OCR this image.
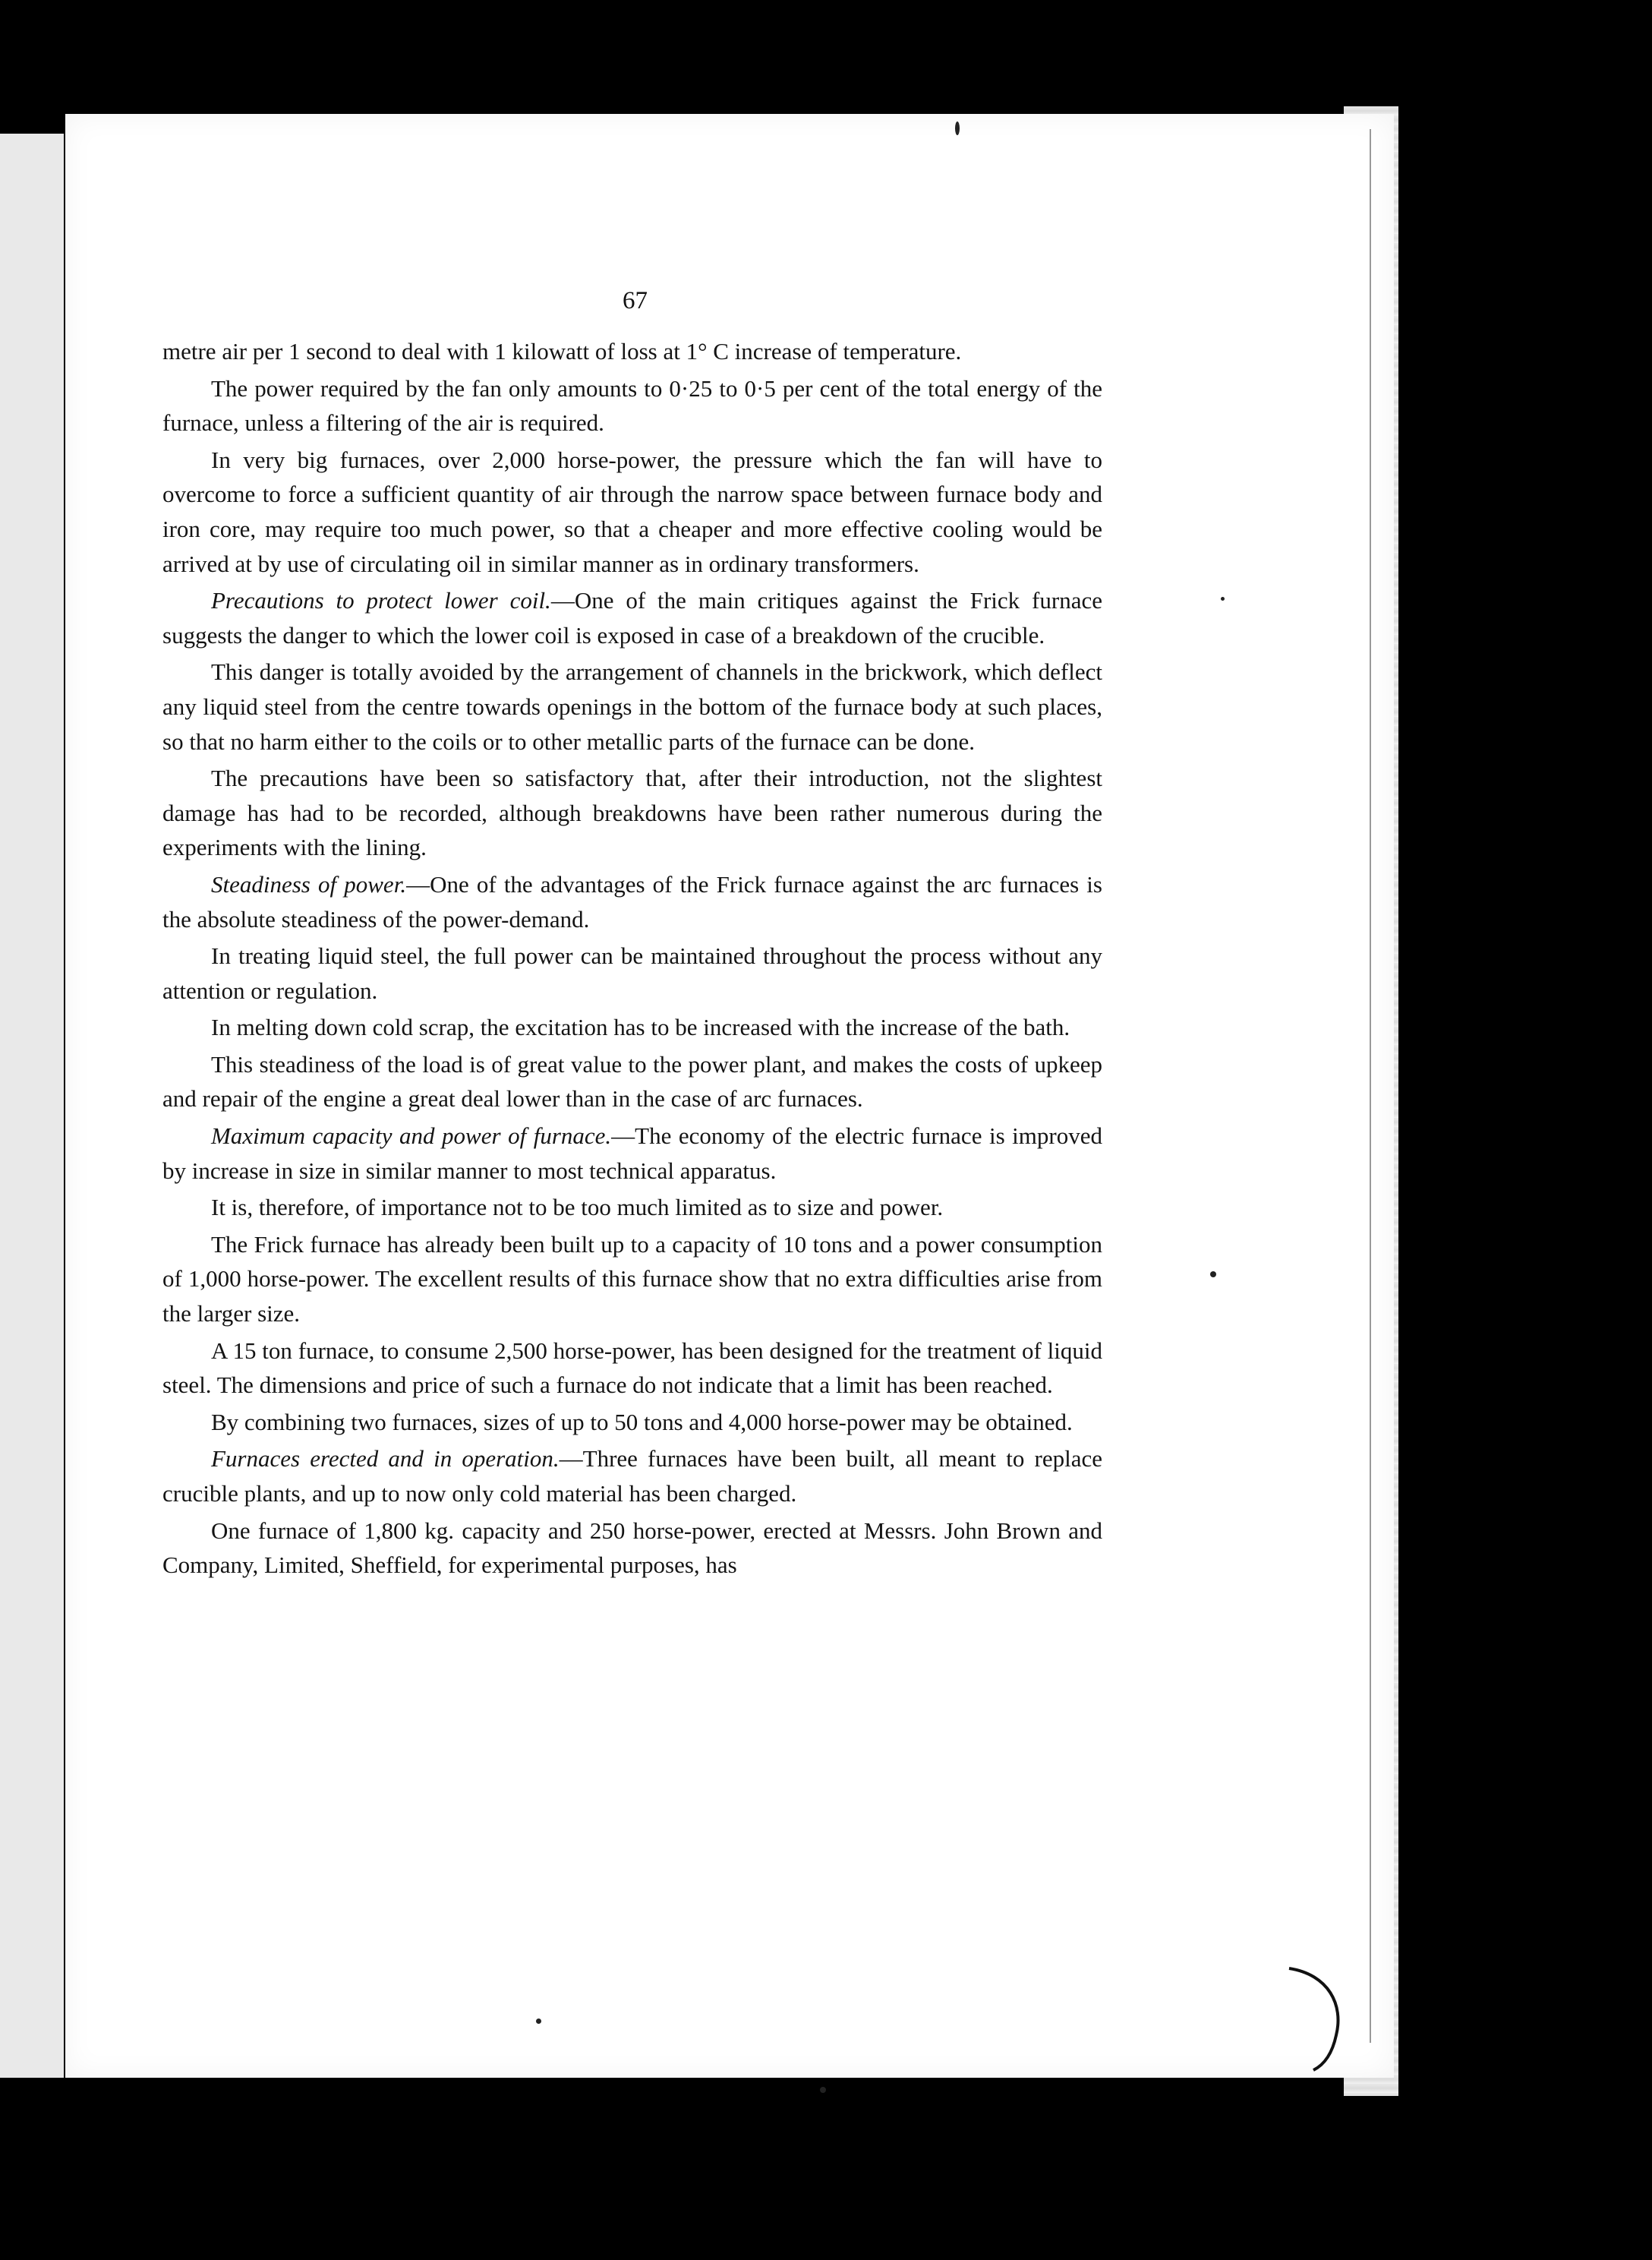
67

metre air per 1 second to deal with 1 kilowatt of loss at 1° C increase of temperature.

The power required by the fan only amounts to 0·25 to 0·5 per cent of the total energy of the furnace, unless a filtering of the air is required.

In very big furnaces, over 2,000 horse-power, the pressure which the fan will have to overcome to force a sufficient quantity of air through the narrow space between furnace body and iron core, may require too much power, so that a cheaper and more effective cooling would be arrived at by use of circulating oil in similar manner as in ordinary transformers.

Precautions to protect lower coil.—One of the main critiques against the Frick furnace suggests the danger to which the lower coil is exposed in case of a breakdown of the crucible.

This danger is totally avoided by the arrangement of channels in the brickwork, which deflect any liquid steel from the centre towards openings in the bottom of the furnace body at such places, so that no harm either to the coils or to other metallic parts of the furnace can be done.

The precautions have been so satisfactory that, after their introduction, not the slightest damage has had to be recorded, although breakdowns have been rather numerous during the experiments with the lining.

Steadiness of power.—One of the advantages of the Frick furnace against the arc furnaces is the absolute steadiness of the power-demand.

In treating liquid steel, the full power can be maintained throughout the process without any attention or regulation.

In melting down cold scrap, the excitation has to be increased with the increase of the bath.

This steadiness of the load is of great value to the power plant, and makes the costs of upkeep and repair of the engine a great deal lower than in the case of arc furnaces.

Maximum capacity and power of furnace.—The economy of the electric furnace is improved by increase in size in similar manner to most technical apparatus.

It is, therefore, of importance not to be too much limited as to size and power.

The Frick furnace has already been built up to a capacity of 10 tons and a power consumption of 1,000 horse-power. The excellent results of this furnace show that no extra difficulties arise from the larger size.

A 15 ton furnace, to consume 2,500 horse-power, has been designed for the treatment of liquid steel. The dimensions and price of such a furnace do not indicate that a limit has been reached.

By combining two furnaces, sizes of up to 50 tons and 4,000 horse-power may be obtained.

Furnaces erected and in operation.—Three furnaces have been built, all meant to replace crucible plants, and up to now only cold material has been charged.

One furnace of 1,800 kg. capacity and 250 horse-power, erected at Messrs. John Brown and Company, Limited, Sheffield, for experimental purposes, has
